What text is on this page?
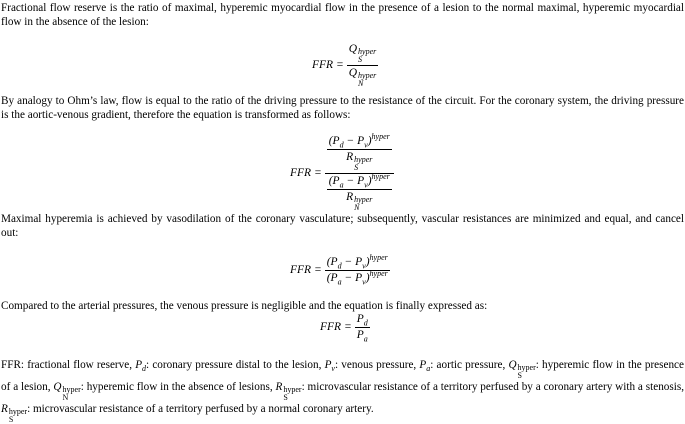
Fractional flow reserve is the ratio of maximal, hyperemic myocardial flow in the presence of a lesion to the normal maximal, hyperemic myocardial flow in the absence of the lesion:
FFR = Q hyper
S
Q hyper
N
By analogy to Ohm’s law, flow is equal to the ratio of the driving pressure to the resistance of the circuit. For the coronary system, the driving pressure is the aortic-venous gradient, therefore the equation is transformed as follows:
FFR = $(P_d - P_v)^{hyper}$
R hyper
S
$(P_a - P_v)^{hyper}$
R hyper
N
Maximal hyperemia is achieved by vasodilation of the coronary vasculature; subsequently, vascular resistances are minimized and equal, and cancel out:
FFR = $\frac{(P_d - P_v)^{hyper}}{(P_a - P_v)^{hyper}}$
Compared to the arterial pressures, the venous pressure is negligible and the equation is finally expressed as:
FFR = $\frac{P_d}{P_a}$
FFR: fractional flow reserve, $P_d$: coronary pressure distal to the lesion, $P_v$: venous pressure, $P_a$: aortic pressure, Q hyper
S
: hyperemic flow in the presence of a lesion, Q hyper
N
: hyperemic flow in the absence of lesions, R hyper
S
: microvascular resistance of a territory perfused by a coronary artery with a stenosis, R hyper
S
: microvascular resistance of a territory perfused by a normal coronary artery.
